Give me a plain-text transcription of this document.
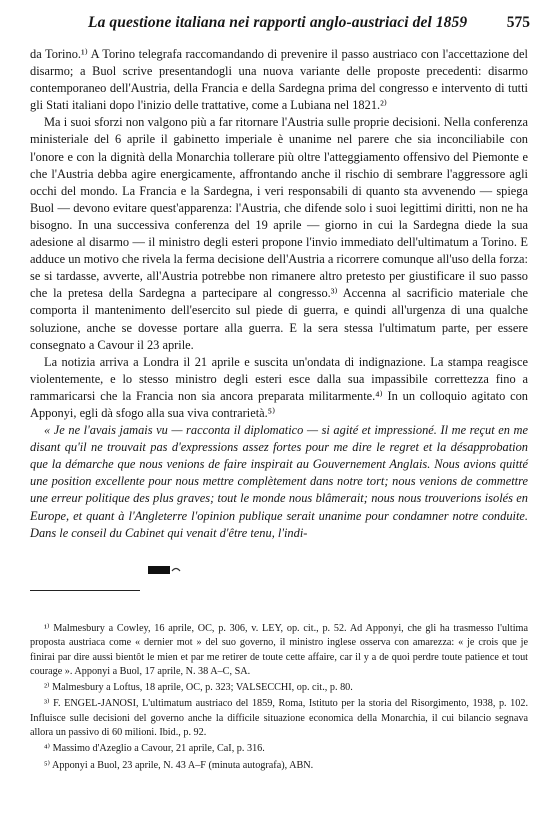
La questione italiana nei rapporti anglo-austriaci del 1859	575

da Torino.¹⁾ A Torino telegrafa raccomandando di prevenire il passo austriaco con l'accettazione del disarmo; a Buol scrive presentandogli una nuova variante delle proposte precedenti: disarmo contemporaneo dell'Austria, della Francia e della Sardegna prima del congresso e intervento di tutti gli Stati italiani dopo l'inizio delle trattative, come a Lubiana nel 1821.²⁾

Ma i suoi sforzi non valgono più a far ritornare l'Austria sulle proprie decisioni. Nella conferenza ministeriale del 6 aprile il gabinetto imperiale è unanime nel parere che sia inconciliabile con l'onore e con la dignità della Monarchia tollerare più oltre l'atteggiamento offensivo del Piemonte e che l'Austria debba agire energicamente, affrontando anche il rischio di sembrare l'aggressore agli occhi del mondo. La Francia e la Sardegna, i veri responsabili di quanto sta avvenendo — spiega Buol — devono evitare quest'apparenza: l'Austria, che difende solo i suoi legittimi diritti, non ne ha bisogno. In una successiva conferenza del 19 aprile — giorno in cui la Sardegna diede la sua adesione al disarmo — il ministro degli esteri propone l'invio immediato dell'ultimatum a Torino. E adduce un motivo che rivela la ferma decisione dell'Austria a ricorrere comunque all'uso della forza: se si tardasse, avverte, all'Austria potrebbe non rimanere altro pretesto per giustificare il suo passo che la pretesa della Sardegna a partecipare al congresso.³⁾ Accenna al sacrificio materiale che comporta il mantenimento dell'esercito sul piede di guerra, e quindi all'urgenza di una qualche soluzione, anche se dovesse portare alla guerra. E la sera stessa l'ultimatum parte, per essere consegnato a Cavour il 23 aprile.

La notizia arriva a Londra il 21 aprile e suscita un'ondata di indignazione. La stampa reagisce violentemente, e lo stesso ministro degli esteri esce dalla sua impassibile correttezza fino a rammaricarsi che la Francia non sia ancora preparata militarmente.⁴⁾ In un colloquio agitato con Apponyi, egli dà sfogo alla sua viva contrarietà.⁵⁾

« Je ne l'avais jamais vu — racconta il diplomatico — si agité et impressioné. Il me reçut en me disant qu'il ne trouvait pas d'expressions assez fortes pour me dire le regret et la désapprobation que la démarche que nous venions de faire inspirait au Gouvernement Anglais. Nous avions quitté une position excellente pour nous mettre complètement dans notre tort; nous venions de commettre une erreur politique des plus graves; tout le monde nous blâmerait; nous nous trouverions isolés en Europe, et quant à l'Angleterre l'opinion publique serait unanime pour condamner notre conduite. Dans le conseil du Cabinet qui venait d'être tenu, l'indi-

¹⁾ Malmesbury a Cowley, 16 aprile, OC, p. 306, v. LEY, op. cit., p. 52. Ad Apponyi, che gli ha trasmesso l'ultima proposta austriaca come « dernier mot » del suo governo, il ministro inglese osserva con amarezza: « je crois que je finirai par dire aussi bientôt le mien et par me retirer de toute cette affaire, car il y a de quoi perdre toute patience et tout courage ». Apponyi a Buol, 17 aprile, N. 38 A–C, SA.

²⁾ Malmesbury a Loftus, 18 aprile, OC, p. 323; VALSECCHI, op. cit., p. 80.

³⁾ F. ENGEL-JANOSI, L'ultimatum austriaco del 1859, Roma, Istituto per la storia del Risorgimento, 1938, p. 102. Influisce sulle decisioni del governo anche la difficile situazione economica della Monarchia, il cui bilancio segnava allora un passivo di 60 milioni. Ibid., p. 92.

⁴⁾ Massimo d'Azeglio a Cavour, 21 aprile, CaI, p. 316.

⁵⁾ Apponyi a Buol, 23 aprile, N. 43 A–F (minuta autografa), ABN.
